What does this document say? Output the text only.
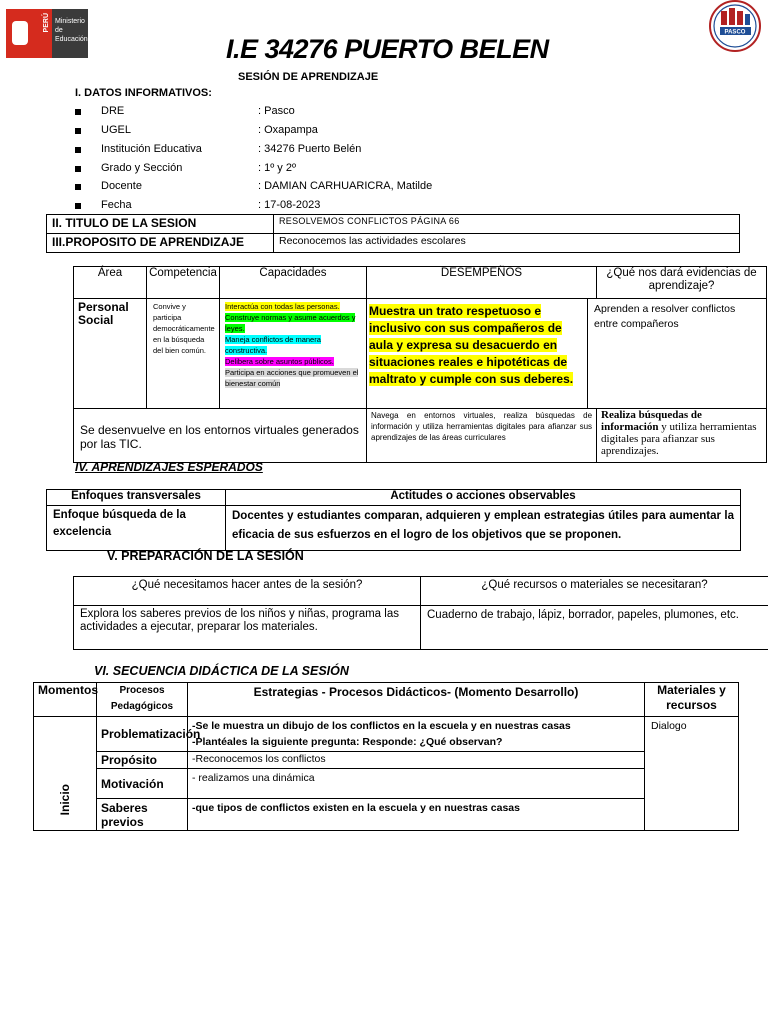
PERÚ Ministerio de Educación
PASCO
I.E 34276 PUERTO BELEN
SESIÓN DE APRENDIZAJE
I. DATOS INFORMATIVOS:
DRE	: Pasco
UGEL	: Oxapampa
Institución Educativa	: 34276 Puerto Belén
Grado y Sección	: 1º y 2º
Docente	: DAMIAN CARHUARICRA, Matilde
Fecha	: 17-08-2023
II. TITULO DE LA SESION	RESOLVEMOS CONFLICTOS PÁGINA 66
III.PROPOSITO DE APRENDIZAJE	Reconocemos las actividades escolares
Área	Competencia	Capacidades	DESEMPEÑOS		¿Qué nos dará evidencias de aprendizaje?
Personal Social	Convive y participa democráticamente en la búsqueda del bien común.	Interactúa con todas las personas.
Construye normas y asume acuerdos y leyes.
Maneja conflictos de manera constructiva.
Delibera sobre asuntos públicos.
Participa en acciones que promueven el bienestar común	Muestra un trato respetuoso e inclusivo con sus compañeros de aula y expresa su desacuerdo en situaciones reales e hipotéticas de maltrato y cumple con sus deberes.	Aprenden a resolver conflictos entre compañeros	
Se desenvuelve en los entornos virtuales generados por las TIC.			Navega en entornos virtuales, realiza búsquedas de información y utiliza herramientas digitales para afianzar sus aprendizajes de las áreas curriculares		Realiza búsquedas de información y utiliza herramientas digitales para afianzar sus aprendizajes.
IV. APRENDIZAJES ESPERADOS
Enfoques transversales	Actitudes o acciones observables
Enfoque búsqueda de la excelencia	Docentes y estudiantes comparan, adquieren y emplean estrategias útiles para aumentar la eficacia de sus esfuerzos en el logro de los objetivos que se proponen.
V. PREPARACIÓN DE LA SESIÓN
¿Qué necesitamos hacer antes de la sesión?	¿Qué recursos o materiales se necesitaran?
Explora los saberes previos de los niños y niñas, programa las actividades a ejecutar, preparar los materiales.	Cuaderno de trabajo, lápiz, borrador, papeles, plumones, etc.
VI. SECUENCIA DIDÁCTICA DE LA SESIÓN
Momentos	Procesos Pedagógicos	Estrategias - Procesos Didácticos- (Momento Desarrollo)	Materiales y recursos
Inicio	Problematización	-Se le muestra un dibujo de los conflictos en la escuela y en nuestras casas
-Plantéales la siguiente pregunta: Responde: ¿Qué observan?	Dialogo
	Propósito	-Reconocemos los conflictos	
	Motivación	- realizamos una dinámica	
	Saberes previos	-que tipos de conflictos existen en la escuela y en nuestras casas	
